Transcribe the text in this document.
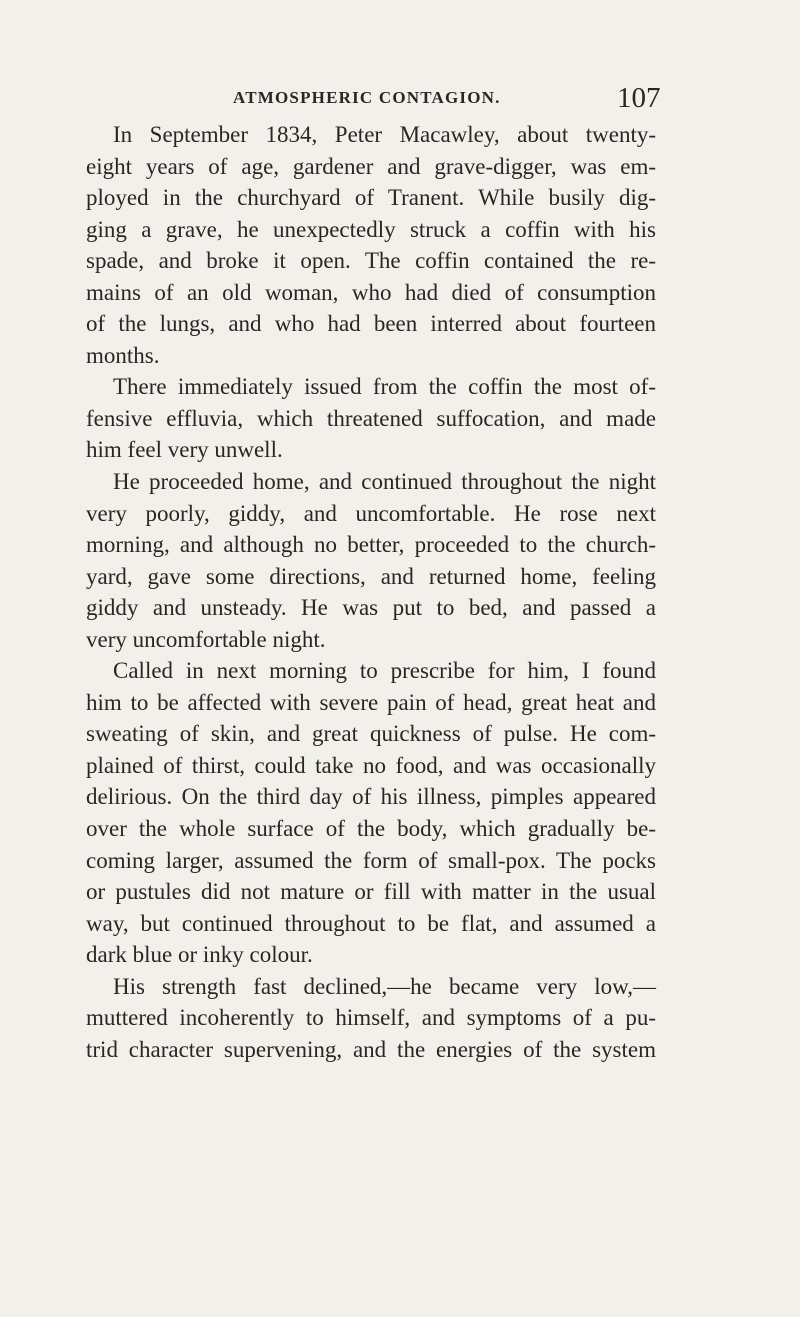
ATMOSPHERIC CONTAGION.	107
In September 1834, Peter Macawley, about twenty-
eight years of age, gardener and grave-digger, was em-
ployed in the churchyard of Tranent. While busily dig-
ging a grave, he unexpectedly struck a coffin with his
spade, and broke it open. The coffin contained the re-
mains of an old woman, who had died of consumption
of the lungs, and who had been interred about fourteen
months.
There immediately issued from the coffin the most of-
fensive effluvia, which threatened suffocation, and made
him feel very unwell.
He proceeded home, and continued throughout the night
very poorly, giddy, and uncomfortable. He rose next
morning, and although no better, proceeded to the church-
yard, gave some directions, and returned home, feeling
giddy and unsteady. He was put to bed, and passed a
very uncomfortable night.
Called in next morning to prescribe for him, I found
him to be affected with severe pain of head, great heat and
sweating of skin, and great quickness of pulse. He com-
plained of thirst, could take no food, and was occasionally
delirious. On the third day of his illness, pimples appeared
over the whole surface of the body, which gradually be-
coming larger, assumed the form of small-pox. The pocks
or pustules did not mature or fill with matter in the usual
way, but continued throughout to be flat, and assumed a
dark blue or inky colour.
His strength fast declined,—he became very low,—
muttered incoherently to himself, and symptoms of a pu-
trid character supervening, and the energies of the system
